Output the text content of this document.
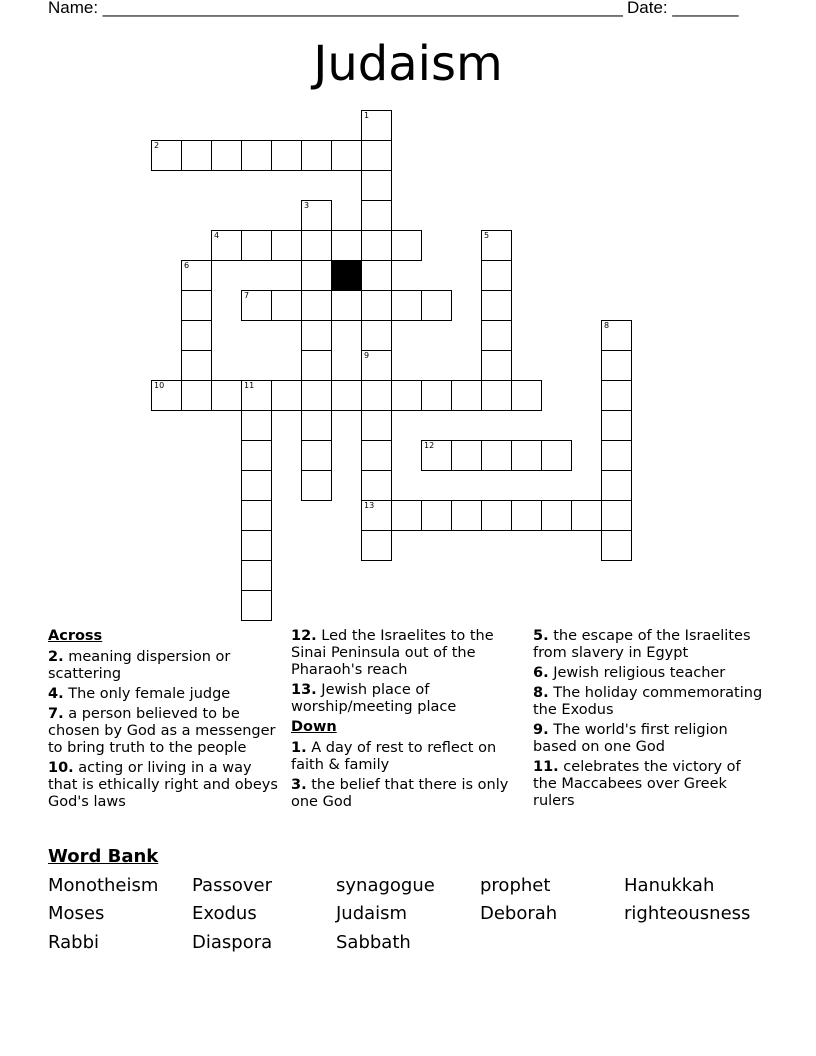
Name: _______________________________________________________ Date: _______
Judaism
1
9
2
3
4	5
6
7
8
13
10	11
12
Across
2. meaning dispersion or scattering
4. The only female judge
7. a person believed to be chosen by God as a messenger to bring truth to the people
10. acting or living in a way that is ethically right and obeys God's laws
12. Led the Israelites to the Sinai Peninsula out of the Pharaoh's reach
13. Jewish place of worship/meeting place
Down
1. A day of rest to reflect on faith & family
3. the belief that there is only one God
5. the escape of the Israelites from slavery in Egypt
6. Jewish religious teacher
8. The holiday commemorating the Exodus
9. The world's first religion based on one God
11. celebrates the victory of the Maccabees over Greek rulers
Word Bank
Monotheism Passover	synagogue	prophet	Hanukkah
Moses	Exodus	Judaism	Deborah	righteousness
Rabbi	Diaspora	Sabbath
